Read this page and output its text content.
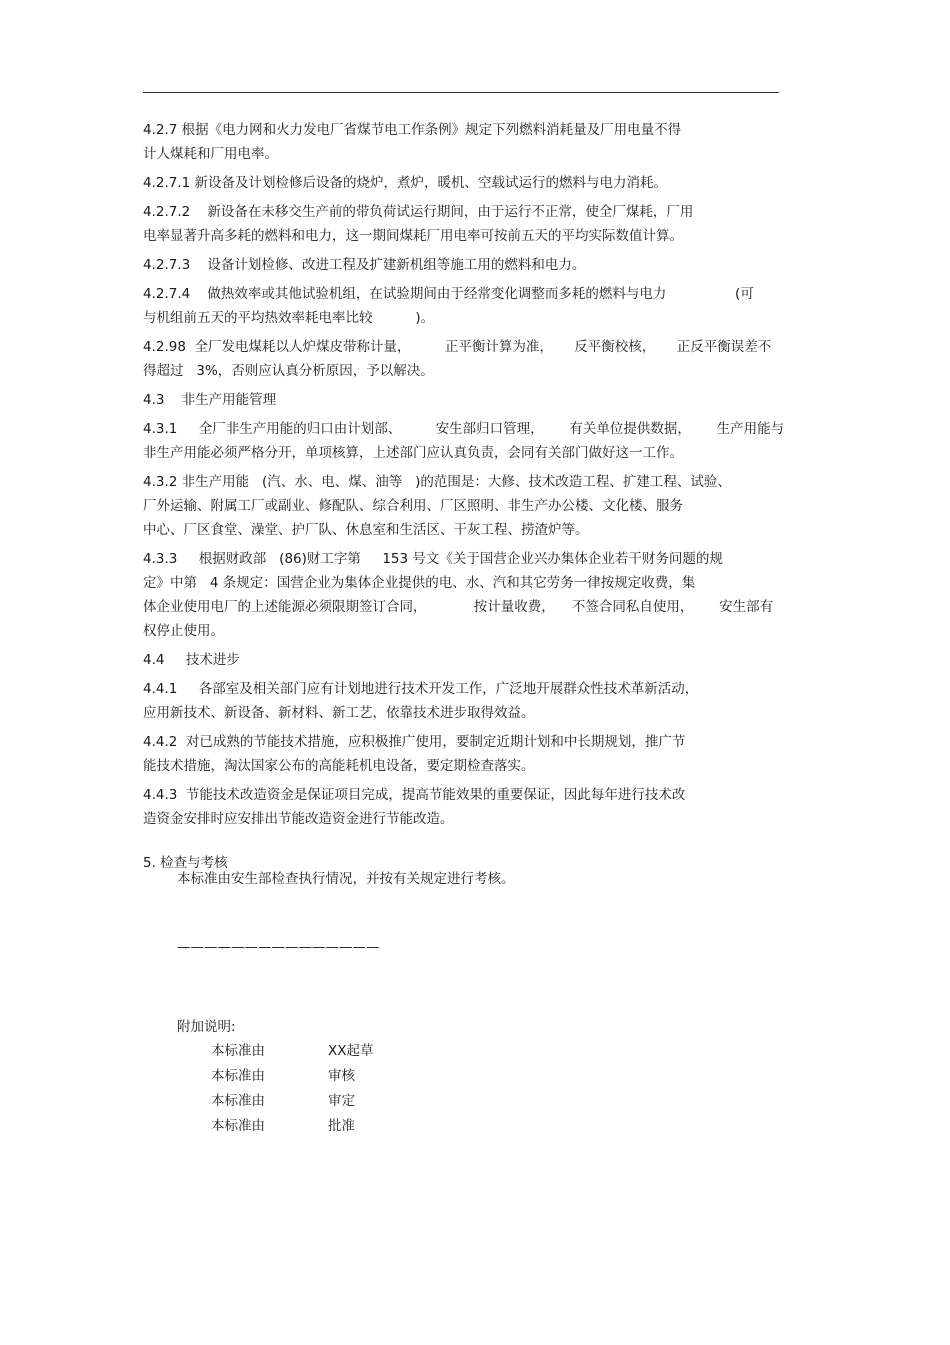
4.2.7 根据《电力网和火力发电厂省煤节电工作条例》规定下列燃料消耗量及厂用电量不得
计人煤耗和厂用电率。
4.2.7.1 新设备及计划检修后设备的烧炉，煮炉，暖机、空载试运行的燃料与电力消耗。
4.2.7.2    新设备在未移交生产前的带负荷试运行期间，由于运行不正常，使全厂煤耗，厂用
电率显著升高多耗的燃料和电力，这一期间煤耗厂用电率可按前五天的平均实际数值计算。
4.2.7.3    设备计划检修、改进工程及扩建新机组等施工用的燃料和电力。
4.2.7.4    做热效率或其他试验机组，在试验期间由于经常变化调整而多耗的燃料与电力                (可
与机组前五天的平均热效率耗电率比较          )。
4.2.98  全厂发电煤耗以人炉煤皮带称计量，        正平衡计算为准，     反平衡校核，     正反平衡误差不
得超过   3%，否则应认真分析原因，予以解决。
4.3    非生产用能管理
4.3.1     全厂非生产用能的归口由计划部、        安生部归口管理，      有关单位提供数据，      生产用能与
非生产用能必须严格分开，单项核算，上述部门应认真负责，会同有关部门做好这一工作。
4.3.2 非生产用能   (汽、水、电、煤、油等   )的范围是：大修、技术改造工程、扩建工程、试验、
厂外运输、附属工厂或副业、修配队、综合利用、厂区照明、非生产办公楼、文化楼、服务
中心、厂区食堂、澡堂、护厂队、休息室和生活区、干灰工程、捞渣炉等。
4.3.3     根据财政部   (86)财工字第     153 号文《关于国营企业兴办集体企业若干财务问题的规
定》中第   4 条规定：国营企业为集体企业提供的电、水、汽和其它劳务一律按规定收费，集
体企业使用电厂的上述能源必须限期签订合同，           按计量收费，    不签合同私自使用，      安生部有
权停止使用。
4.4     技术进步
4.4.1     各部室及相关部门应有计划地进行技术开发工作，广泛地开展群众性技术革新活动，
应用新技术、新设备、新材料、新工艺，依靠技术进步取得效益。
4.4.2  对已成熟的节能技术措施，应积极推广使用，要制定近期计划和中长期规划，推广节
能技术措施，淘汰国家公布的高能耗机电设备，要定期检查落实。
4.4.3  节能技术改造资金是保证项目完成，提高节能效果的重要保证，因此每年进行技术改
造资金安排时应安排出节能改造资金进行节能改造。
5. 检查与考核
本标准由安生部检查执行情况，并按有关规定进行考核。
———————————————
附加说明:
本标准由	XX起草
本标准由	审核
本标准由	审定
本标准由	批准
